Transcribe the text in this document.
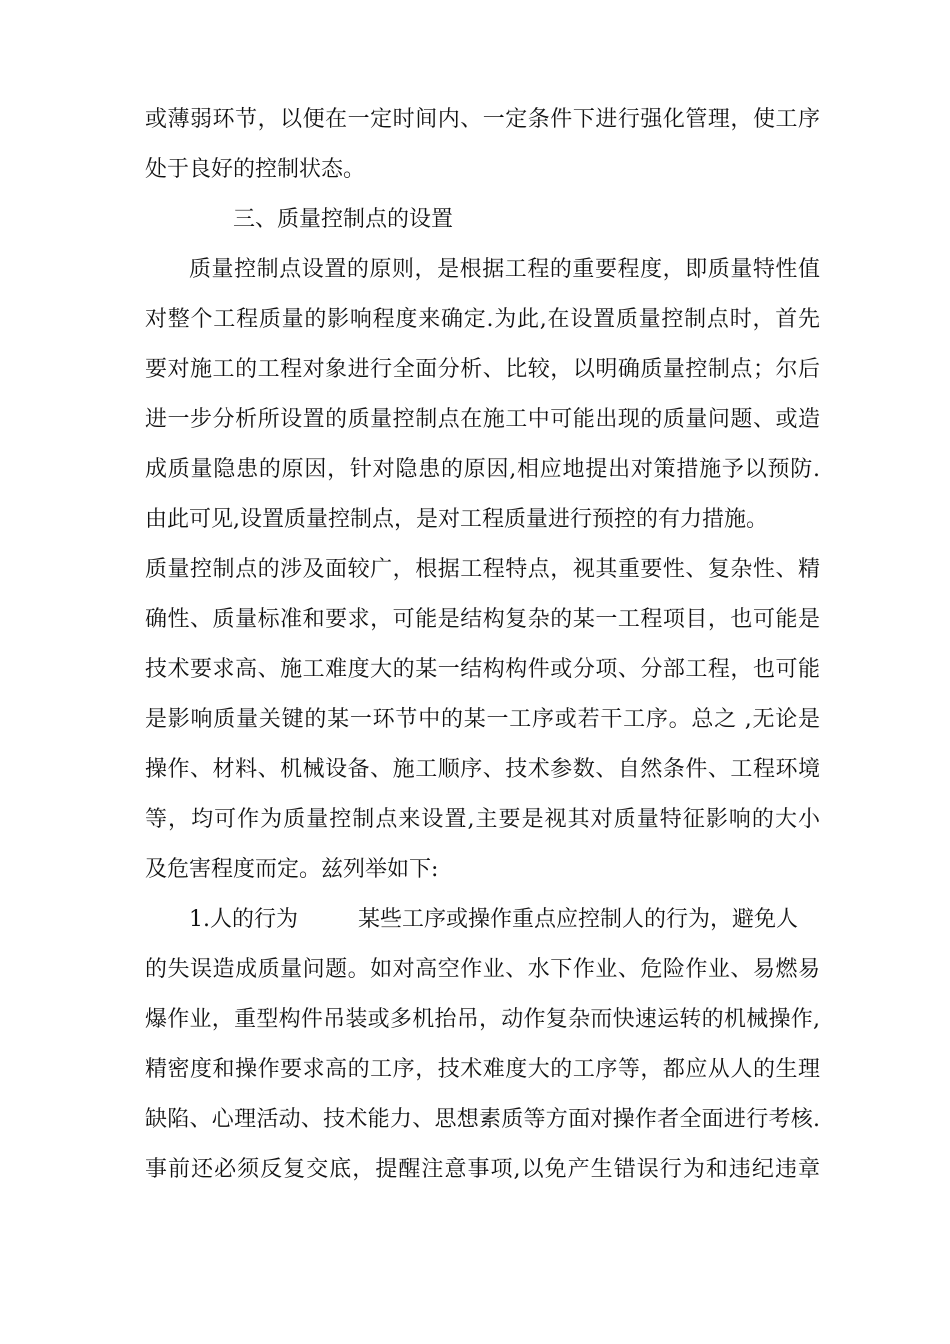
或薄弱环节，以便在一定时间内、一定条件下进行强化管理，使工序
处于良好的控制状态。
三、质量控制点的设置
质量控制点设置的原则，是根据工程的重要程度，即质量特性值
对整个工程质量的影响程度来确定.为此,在设置质量控制点时，首先
要对施工的工程对象进行全面分析、比较，以明确质量控制点；尔后
进一步分析所设置的质量控制点在施工中可能出现的质量问题、或造
成质量隐患的原因，针对隐患的原因,相应地提出对策措施予以预防.
由此可见,设置质量控制点，是对工程质量进行预控的有力措施。
质量控制点的涉及面较广，根据工程特点，视其重要性、复杂性、精
确性、质量标准和要求，可能是结构复杂的某一工程项目，也可能是
技术要求高、施工难度大的某一结构构件或分项、分部工程，也可能
是影响质量关键的某一环节中的某一工序或若干工序。总之 ,无论是
操作、材料、机械设备、施工顺序、技术参数、自然条件、工程环境
等，均可作为质量控制点来设置,主要是视其对质量特征影响的大小
及危害程度而定。兹列举如下:
1.人的行为	某些工序或操作重点应控制人的行为，避免人
的失误造成质量问题。如对高空作业、水下作业、危险作业、易燃易
爆作业，重型构件吊装或多机抬吊，动作复杂而快速运转的机械操作,
精密度和操作要求高的工序，技术难度大的工序等，都应从人的生理
缺陷、心理活动、技术能力、思想素质等方面对操作者全面进行考核.
事前还必须反复交底，提醒注意事项,以免产生错误行为和违纪违章
